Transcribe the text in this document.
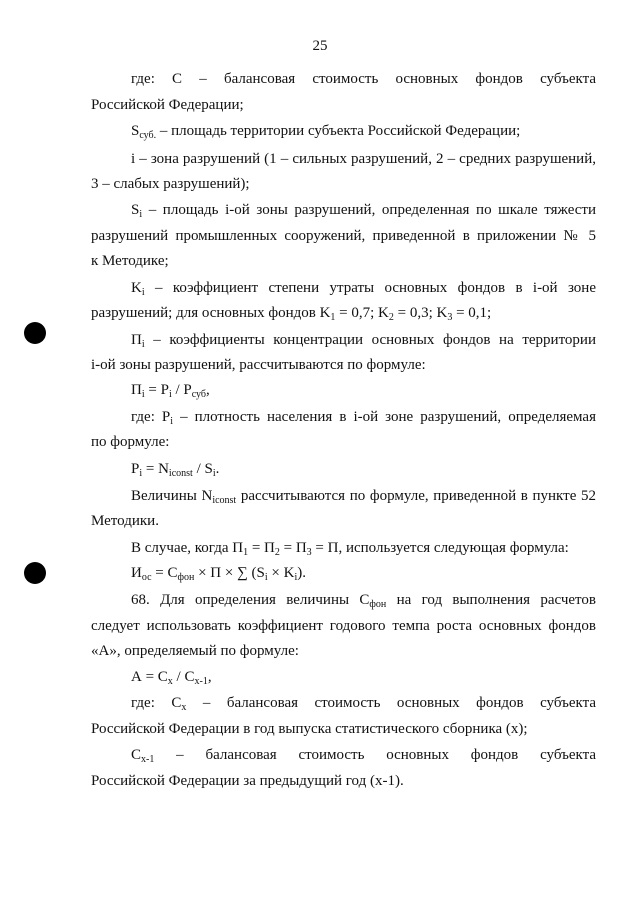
25
где: С – балансовая стоимость основных фондов субъекта
Российской Федерации;
$S_{суб.}$ – площадь территории субъекта Российской Федерации;
i – зона разрушений (1 – сильных разрушений, 2 – средних разрушений,
3 – слабых разрушений);
$S_i$ – площадь i-ой зоны разрушений, определенная по шкале тяжести
разрушений промышленных сооружений, приведенной в приложении № 5
к Методике;
$K_i$ – коэффициент степени утраты основных фондов в i-ой зоне
разрушений; для основных фондов $K_1 = 0,7$; $K_2 = 0,3$; $K_3 = 0,1$;
$П_i$ – коэффициенты концентрации основных фондов на территории
i-ой зоны разрушений, рассчитываются по формуле:
$П_i = P_i / P_{суб}$,
где: $P_i$ – плотность населения в i-ой зоне разрушений, определяемая
по формуле:
$P_i = N_{iconst} / S_i$.
Величины $N_{iconst}$ рассчитываются по формуле, приведенной в пункте 52
Методики.
В случае, когда $П_1 = П_2 = П_3 = П$, используется следующая формула:
$И_{ос} = С_{фон} \times П$ × ∑ $(S_i \times K_i)$.
68. Для определения величины $С_{фон}$ на год выполнения расчетов
следует использовать коэффициент годового темпа роста основных фондов
«А», определяемый по формуле:
$А = С_x / С_{x-1}$,
где: $С_x$ – балансовая стоимость основных фондов субъекта
Российской Федерации в год выпуска статистического сборника (x);
$С_{x-1}$ – балансовая стоимость основных фондов субъекта
Российской Федерации за предыдущий год (x-1).
